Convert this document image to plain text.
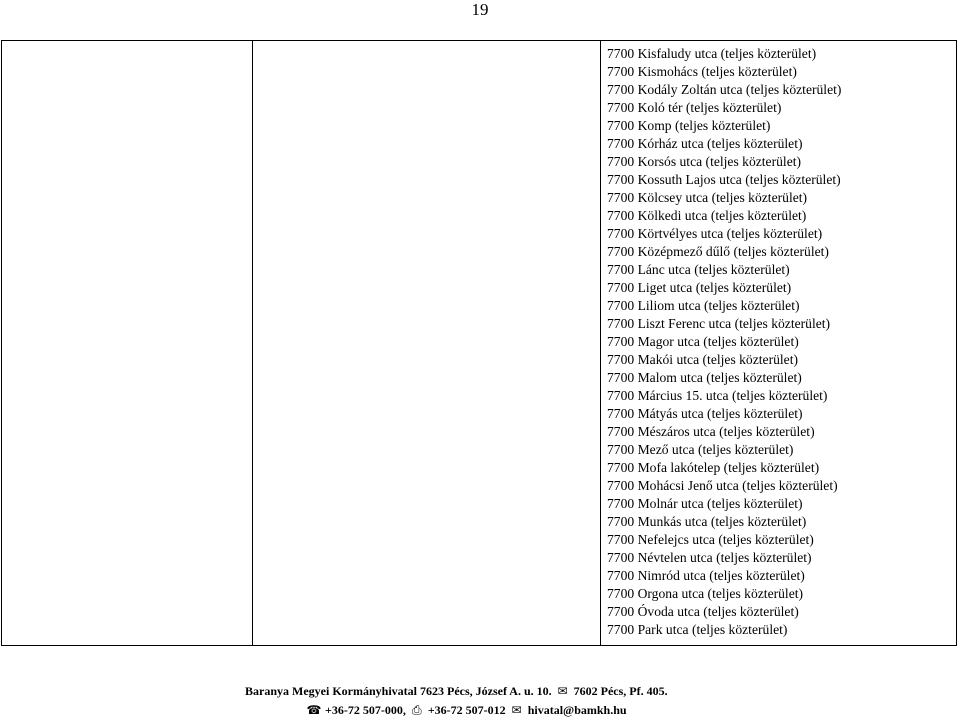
19
7700 Kisfaludy utca (teljes közterület)
7700 Kismohács (teljes közterület)
7700 Kodály Zoltán utca (teljes közterület)
7700 Koló tér (teljes közterület)
7700 Komp (teljes közterület)
7700 Kórház utca (teljes közterület)
7700 Korsós utca (teljes közterület)
7700 Kossuth Lajos utca (teljes közterület)
7700 Kölcsey utca (teljes közterület)
7700 Kölkedi utca (teljes közterület)
7700 Körtvélyes utca (teljes közterület)
7700 Középmező dűlő (teljes közterület)
7700 Lánc utca (teljes közterület)
7700 Liget utca (teljes közterület)
7700 Liliom utca (teljes közterület)
7700 Liszt Ferenc utca (teljes közterület)
7700 Magor utca (teljes közterület)
7700 Makói utca (teljes közterület)
7700 Malom utca (teljes közterület)
7700 Március 15. utca (teljes közterület)
7700 Mátyás utca (teljes közterület)
7700 Mészáros utca (teljes közterület)
7700 Mező utca (teljes közterület)
7700 Mofa lakótelep (teljes közterület)
7700 Mohácsi Jenő utca (teljes közterület)
7700 Molnár utca (teljes közterület)
7700 Munkás utca (teljes közterület)
7700 Nefelejcs utca (teljes közterület)
7700 Névtelen utca (teljes közterület)
7700 Nimród utca (teljes közterület)
7700 Orgona utca (teljes közterület)
7700 Óvoda utca (teljes közterület)
7700 Park utca (teljes közterület)
Baranya Megyei Kormányhivatal 7623 Pécs, József A. u. 10. ✉ 7602 Pécs, Pf. 405.
☎ +36-72 507-000, ⎙ +36-72 507-012 ✉ hivatal@bamkh.hu
